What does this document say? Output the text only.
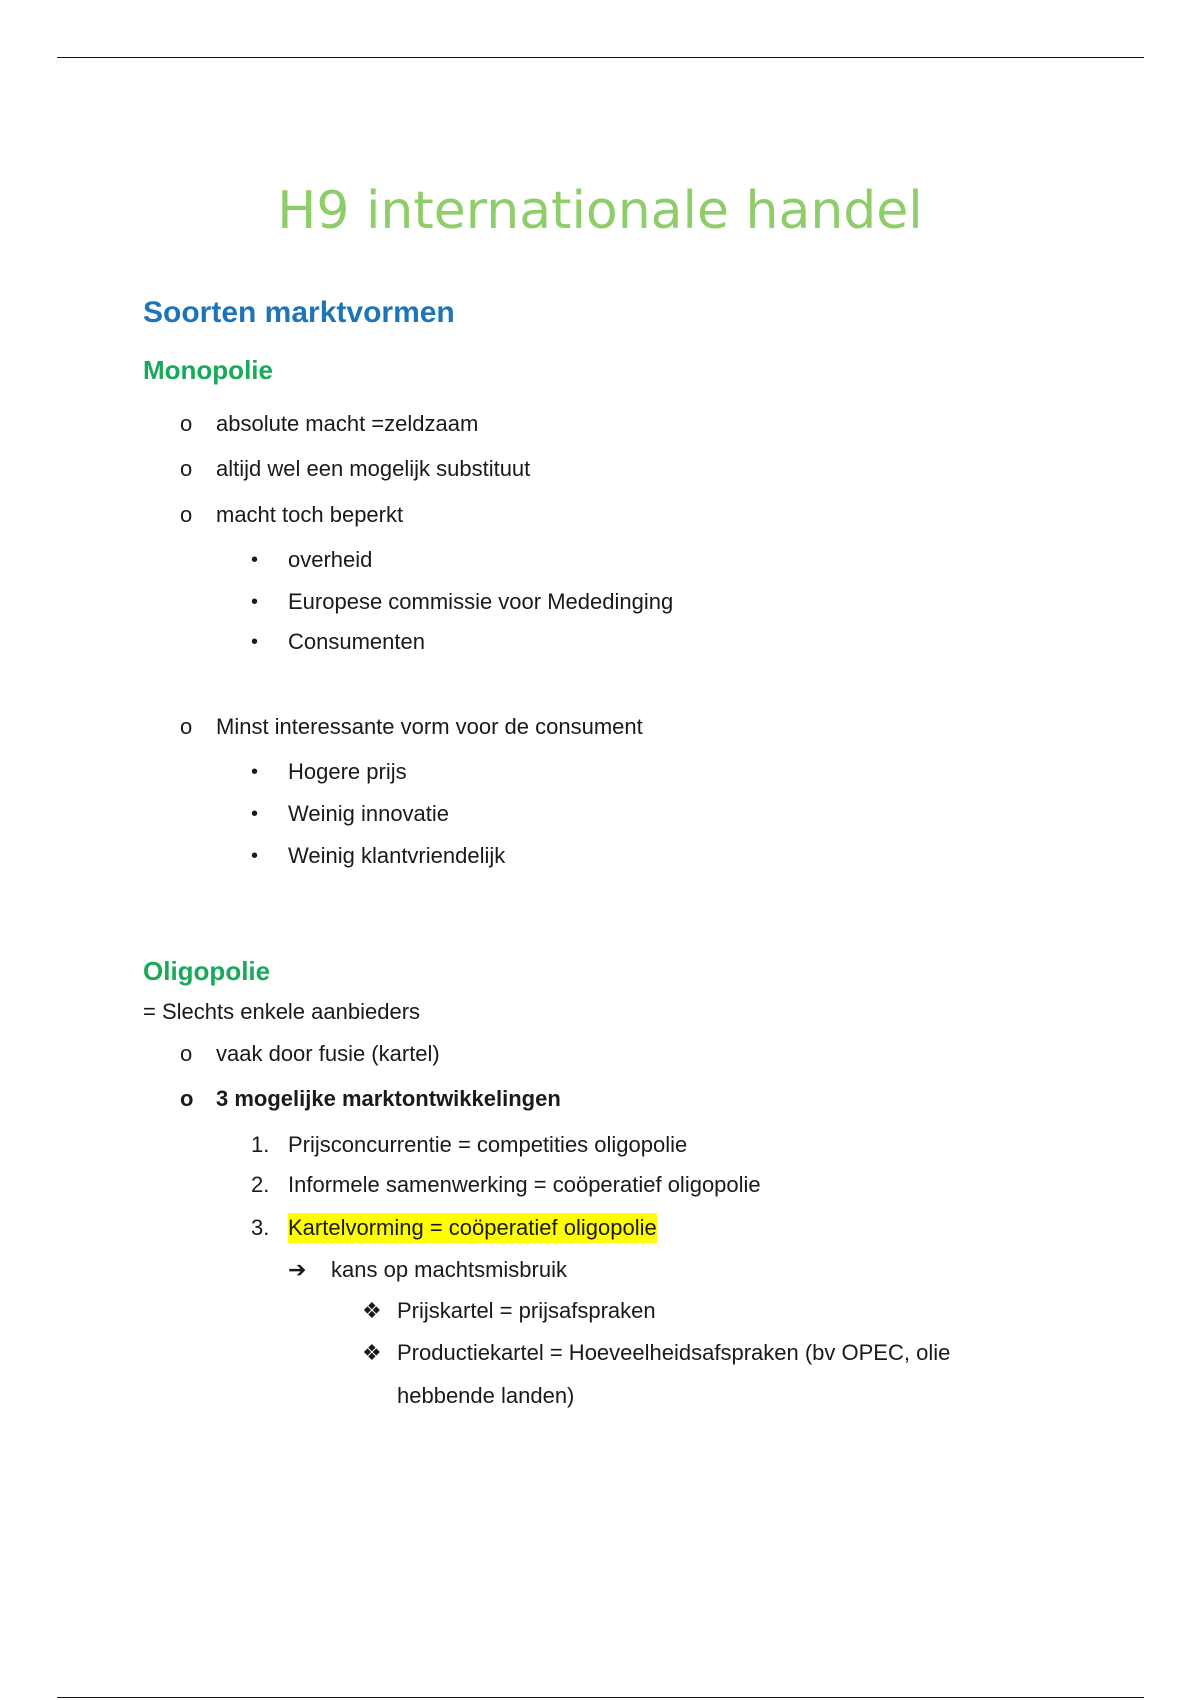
H9 internationale handel
Soorten marktvormen
Monopolie
o absolute macht =zeldzaam
o altijd wel een mogelijk substituut
o macht toch beperkt
• overheid
• Europese commissie voor Mededinging
• Consumenten
o Minst interessante vorm voor de consument
• Hogere prijs
• Weinig innovatie
• Weinig klantvriendelijk
Oligopolie
= Slechts enkele aanbieders
o vaak door fusie (kartel)
o 3 mogelijke marktontwikkelingen
1. Prijsconcurrentie = competities oligopolie
2. Informele samenwerking = coöperatief oligopolie
3. Kartelvorming = coöperatief oligopolie
➔ kans op machtsmisbruik
❖ Prijskartel = prijsafspraken
❖ Productiekartel = Hoeveelheidsafspraken (bv OPEC, olie
hebbende landen)
